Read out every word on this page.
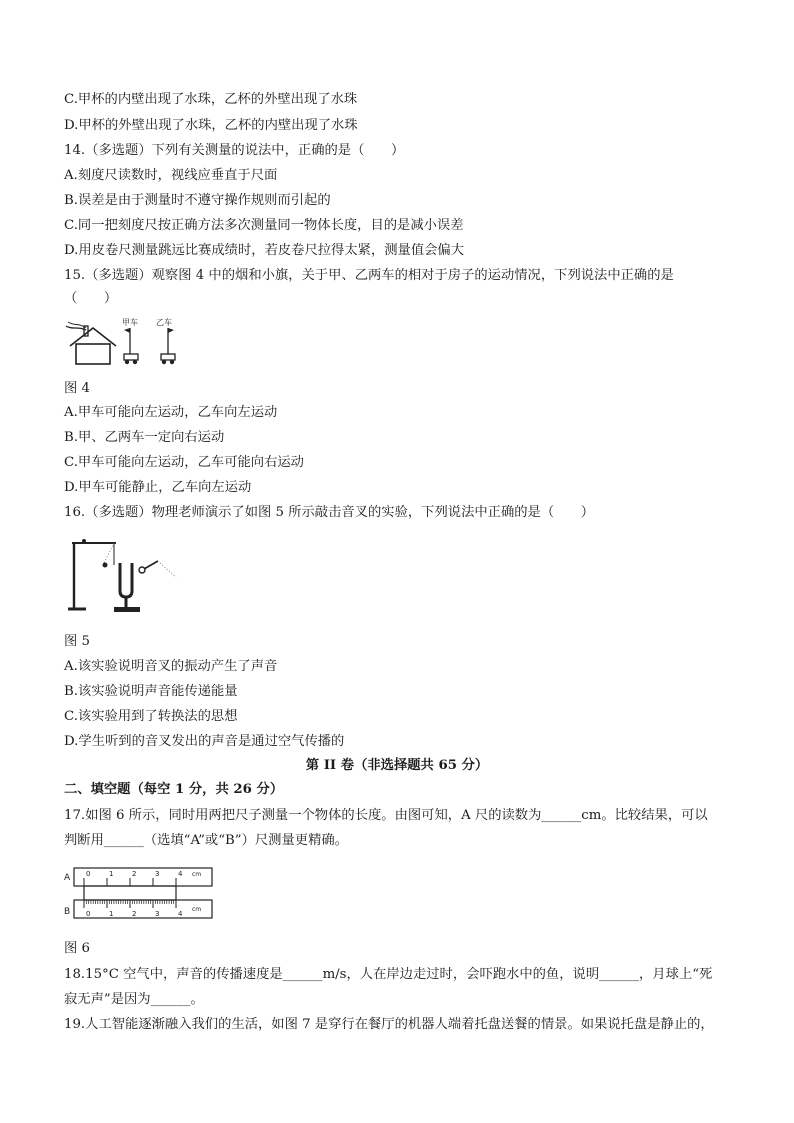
C.甲杯的内壁出现了水珠，乙杯的外壁出现了水珠
D.甲杯的外壁出现了水珠，乙杯的内壁出现了水珠
14.（多选题）下列有关测量的说法中，正确的是（　　）
A.刻度尺读数时，视线应垂直于尺面
B.误差是由于测量时不遵守操作规则而引起的
C.同一把刻度尺按正确方法多次测量同一物体长度，目的是减小误差
D.用皮卷尺测量跳远比赛成绩时，若皮卷尺拉得太紧，测量值会偏大
15.（多选题）观察图 4 中的烟和小旗，关于甲、乙两车的相对于房子的运动情况，下列说法中正确的是
（　　）
甲车 乙车
图 4
A.甲车可能向左运动，乙车向左运动
B.甲、乙两车一定向右运动
C.甲车可能向左运动，乙车可能向右运动
D.甲车可能静止，乙车向左运动
16.（多选题）物理老师演示了如图 5 所示敲击音叉的实验，下列说法中正确的是（　　）
图 5
A.该实验说明音叉的振动产生了声音
B.该实验说明声音能传递能量
C.该实验用到了转换法的思想
D.学生听到的音叉发出的声音是通过空气传播的
第 II 卷（非选择题共 65 分）
二、填空题（每空 1 分，共 26 分）
17.如图 6 所示，同时用两把尺子测量一个物体的长度。由图可知，A 尺的读数为______cm。比较结果，可以
判断用______（选填“A”或“B”）尺测量更精确。
A 0	1	2	3	4 cm
B 0	1	2	3	4
cm
图 6
18.15°C 空气中，声音的传播速度是______m/s，人在岸边走过时，会吓跑水中的鱼，说明______，月球上“死
寂无声”是因为______。
19.人工智能逐渐融入我们的生活，如图 7 是穿行在餐厅的机器人端着托盘送餐的情景。如果说托盘是静止的，
